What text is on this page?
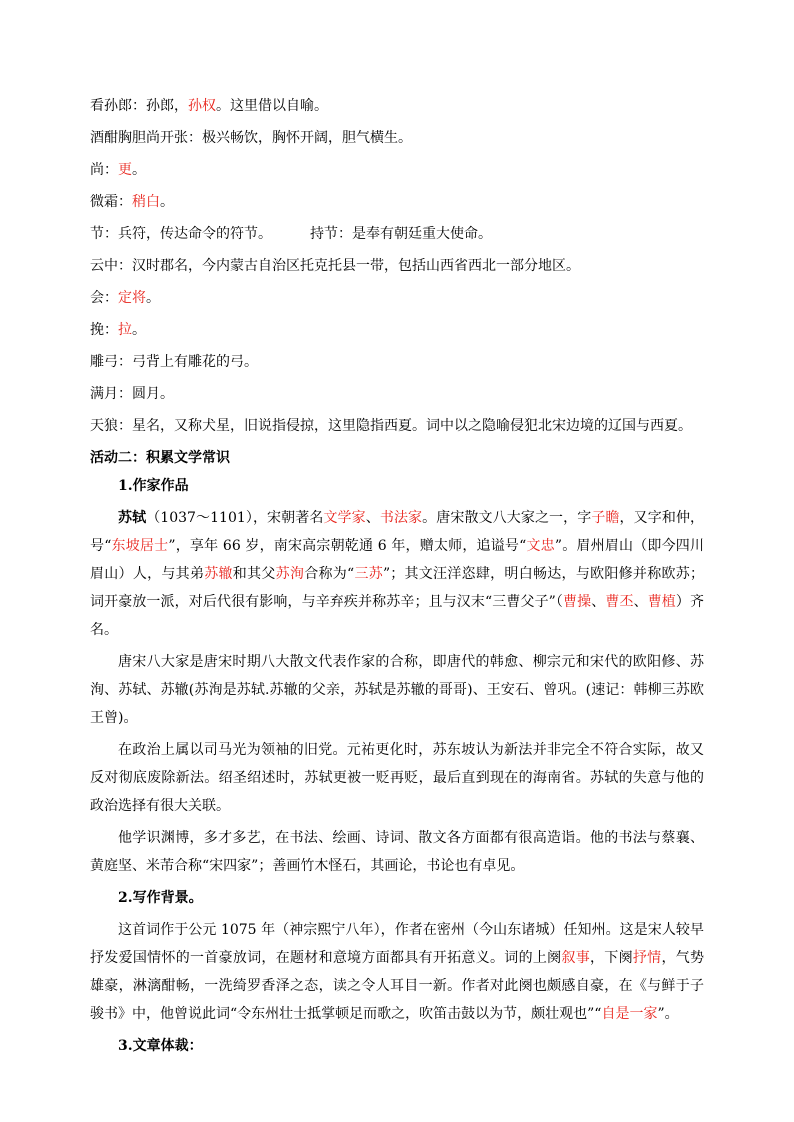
看孙郎：孙郎，孙权。这里借以自喻。
酒酣胸胆尚开张：极兴畅饮，胸怀开阔，胆气横生。
尚：更。
微霜：稍白。
节：兵符，传达命令的符节。	持节：是奉有朝廷重大使命。
云中：汉时郡名，今内蒙古自治区托克托县一带，包括山西省西北一部分地区。
会：定将。
挽：拉。
雕弓：弓背上有雕花的弓。
满月：圆月。
天狼：星名，又称犬星，旧说指侵掠，这里隐指西夏。词中以之隐喻侵犯北宋边境的辽国与西夏。
活动二：积累文学常识
1.作家作品

苏轼（1037～1101），宋朝著名文学家、书法家。唐宋散文八大家之一，字子瞻，又字和仲，号“东坡居士”，享年 66 岁，南宋高宗朝乾通 6 年，赠太师，追谥号“文忠”。眉州眉山（即今四川眉山）人，与其弟苏辙和其父苏洵合称为“三苏”；其文汪洋恣肆，明白畅达，与欧阳修并称欧苏；词开豪放一派，对后代很有影响，与辛弃疾并称苏辛；且与汉末“三曹父子”（曹操、曹丕、曹植）齐名。

唐宋八大家是唐宋时期八大散文代表作家的合称，即唐代的韩愈、柳宗元和宋代的欧阳修、苏洵、苏轼、苏辙(苏洵是苏轼.苏辙的父亲，苏轼是苏辙的哥哥)、王安石、曾巩。(速记：韩柳三苏欧王曾)。

在政治上属以司马光为领袖的旧党。元祐更化时，苏东坡认为新法并非完全不符合实际，故又反对彻底废除新法。绍圣绍述时，苏轼更被一贬再贬，最后直到现在的海南省。苏轼的失意与他的政治选择有很大关联。

他学识渊博，多才多艺，在书法、绘画、诗词、散文各方面都有很高造诣。他的书法与蔡襄、黄庭坚、米芾合称“宋四家”；善画竹木怪石，其画论，书论也有卓见。

2.写作背景。

这首词作于公元 1075 年（神宗熙宁八年），作者在密州（今山东诸城）任知州。这是宋人较早抒发爱国情怀的一首豪放词，在题材和意境方面都具有开拓意义。词的上阕叙事，下阕抒情，气势雄豪，淋漓酣畅，一洗绮罗香泽之态，读之令人耳目一新。作者对此阕也颇感自豪，在《与鲜于子骏书》中，他曾说此词“令东州壮士抵掌顿足而歌之，吹笛击鼓以为节，颇壮观也”“自是一家”。

3.文章体裁：
